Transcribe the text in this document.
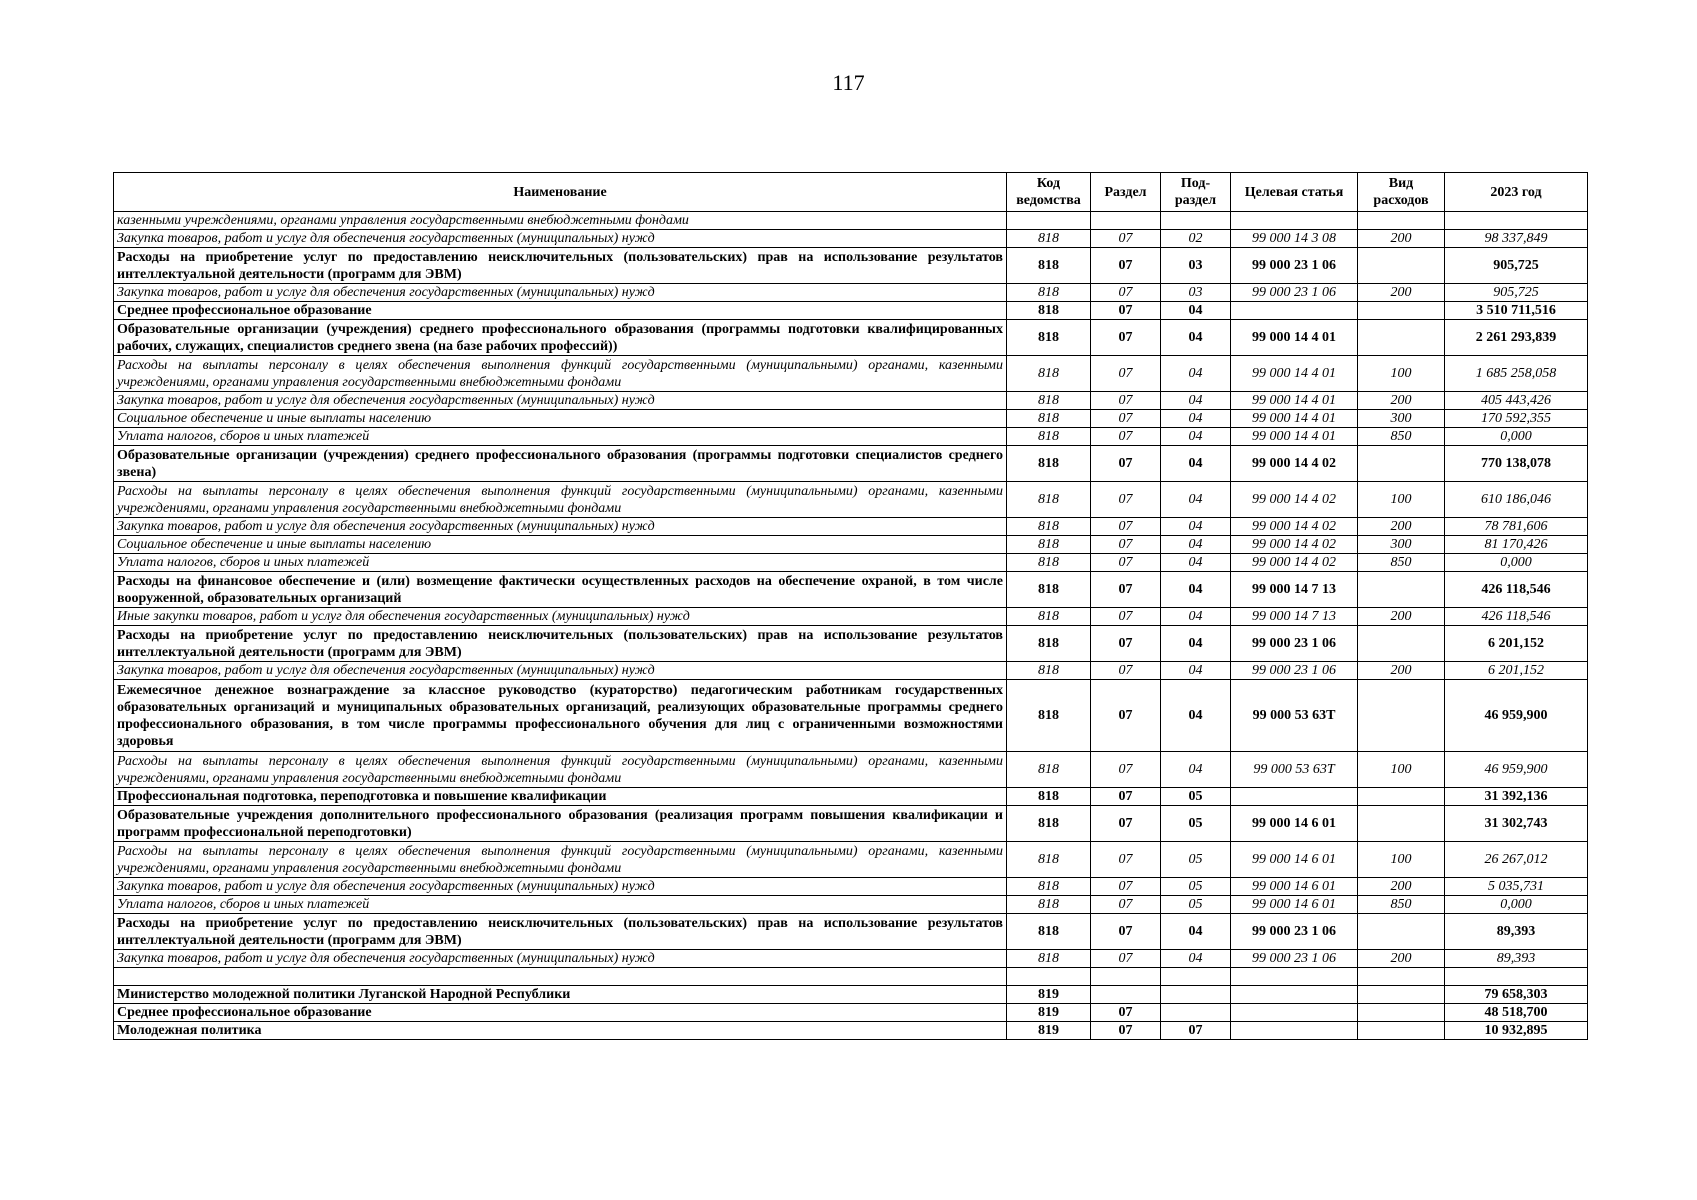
117
Наименование	Код ведомства	Раздел	Под-раздел	Целевая статья	Вид расходов	2023 год
казенными учреждениями, органами управления государственными внебюджетными фондами						
Закупка товаров, работ и услуг для обеспечения государственных (муниципальных) нужд	818	07	02	99 000 14 3 08	200	98 337,849
Расходы на приобретение услуг по предоставлению неисключительных (пользовательских) прав на использование результатов интеллектуальной деятельности (программ для ЭВМ)	818	07	03	99 000 23 1 06		905,725
Закупка товаров, работ и услуг для обеспечения государственных (муниципальных) нужд	818	07	03	99 000 23 1 06	200	905,725
Среднее профессиональное образование	818	07	04			3 510 711,516
Образовательные организации (учреждения) среднего профессионального образования (программы подготовки квалифицированных рабочих, служащих, специалистов среднего звена (на базе рабочих профессий))	818	07	04	99 000 14 4 01		2 261 293,839
Расходы на выплаты персоналу в целях обеспечения выполнения функций государственными (муниципальными) органами, казенными учреждениями, органами управления государственными внебюджетными фондами	818	07	04	99 000 14 4 01	100	1 685 258,058
Закупка товаров, работ и услуг для обеспечения государственных (муниципальных) нужд	818	07	04	99 000 14 4 01	200	405 443,426
Социальное обеспечение и иные выплаты населению	818	07	04	99 000 14 4 01	300	170 592,355
Уплата налогов, сборов и иных платежей	818	07	04	99 000 14 4 01	850	0,000
Образовательные организации (учреждения) среднего профессионального образования (программы подготовки специалистов среднего звена)	818	07	04	99 000 14 4 02		770 138,078
Расходы на выплаты персоналу в целях обеспечения выполнения функций государственными (муниципальными) органами, казенными учреждениями, органами управления государственными внебюджетными фондами	818	07	04	99 000 14 4 02	100	610 186,046
Закупка товаров, работ и услуг для обеспечения государственных (муниципальных) нужд	818	07	04	99 000 14 4 02	200	78 781,606
Социальное обеспечение и иные выплаты населению	818	07	04	99 000 14 4 02	300	81 170,426
Уплата налогов, сборов и иных платежей	818	07	04	99 000 14 4 02	850	0,000
Расходы на финансовое обеспечение и (или) возмещение фактически осуществленных расходов на обеспечение охраной, в том числе вооруженной, образовательных организаций	818	07	04	99 000 14 7 13		426 118,546
Иные закупки товаров, работ и услуг для обеспечения государственных (муниципальных) нужд	818	07	04	99 000 14 7 13	200	426 118,546
Расходы на приобретение услуг по предоставлению неисключительных (пользовательских) прав на использование результатов интеллектуальной деятельности (программ для ЭВМ)	818	07	04	99 000 23 1 06		6 201,152
Закупка товаров, работ и услуг для обеспечения государственных (муниципальных) нужд	818	07	04	99 000 23 1 06	200	6 201,152
Ежемесячное денежное вознаграждение за классное руководство (кураторство) педагогическим работникам государственных образовательных организаций и муниципальных образовательных организаций, реализующих образовательные программы среднего профессионального образования, в том числе программы профессионального обучения для лиц с ограниченными возможностями здоровья	818	07	04	99 000 53 63Т		46 959,900
Расходы на выплаты персоналу в целях обеспечения выполнения функций государственными (муниципальными) органами, казенными учреждениями, органами управления государственными внебюджетными фондами	818	07	04	99 000 53 63Т	100	46 959,900
Профессиональная подготовка, переподготовка и повышение квалификации	818	07	05			31 392,136
Образовательные учреждения дополнительного профессионального образования (реализация программ повышения квалификации и программ профессиональной переподготовки)	818	07	05	99 000 14 6 01		31 302,743
Расходы на выплаты персоналу в целях обеспечения выполнения функций государственными (муниципальными) органами, казенными учреждениями, органами управления государственными внебюджетными фондами	818	07	05	99 000 14 6 01	100	26 267,012
Закупка товаров, работ и услуг для обеспечения государственных (муниципальных) нужд	818	07	05	99 000 14 6 01	200	5 035,731
Уплата налогов, сборов и иных платежей	818	07	05	99 000 14 6 01	850	0,000
Расходы на приобретение услуг по предоставлению неисключительных (пользовательских) прав на использование результатов интеллектуальной деятельности (программ для ЭВМ)	818	07	04	99 000 23 1 06		89,393
Закупка товаров, работ и услуг для обеспечения государственных (муниципальных) нужд	818	07	04	99 000 23 1 06	200	89,393

Министерство молодежной политики Луганской Народной Республики	819					79 658,303
Среднее профессиональное образование	819	07				48 518,700
Молодежная политика	819	07	07			10 932,895
